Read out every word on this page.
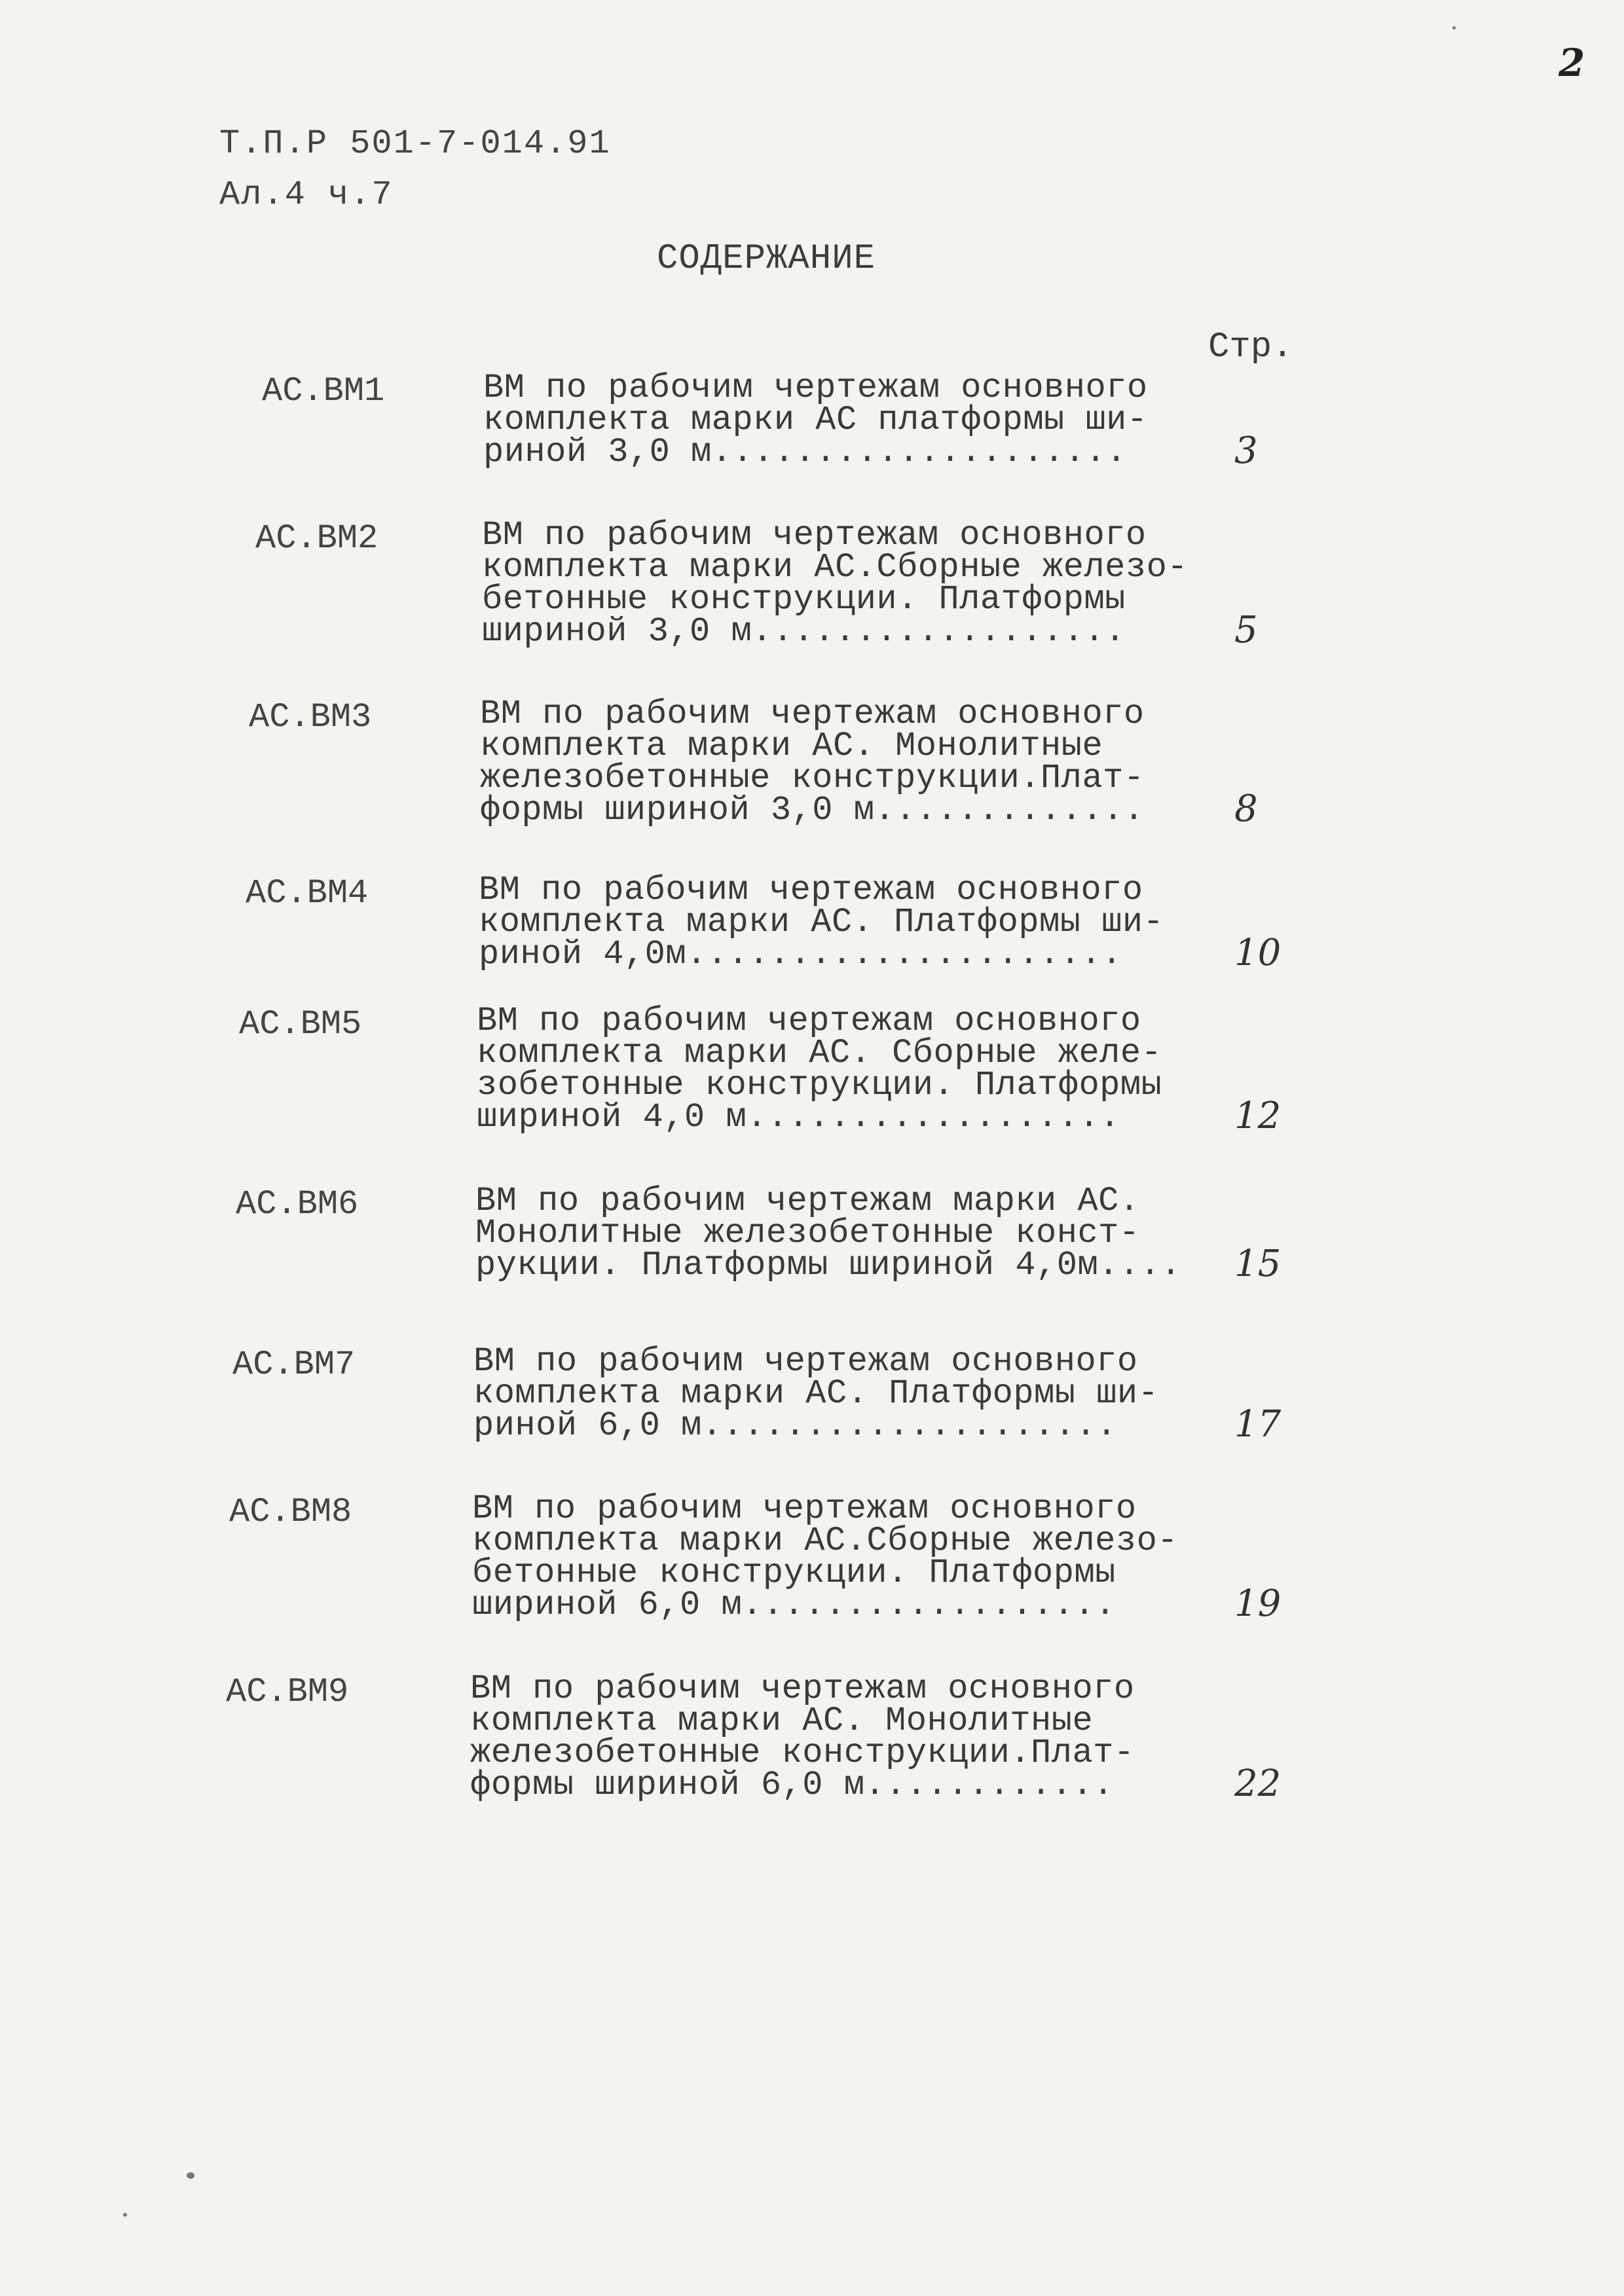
2
Т.П.Р 501-7-014.91
Ал.4 ч.7
СОДЕРЖАНИЕ
Стр.
АС.ВМ1	ВМ по рабочим чертежам основного
комплекта марки АС платформы ши-
риной 3,0 м....................	3
АС.ВМ2	ВМ по рабочим чертежам основного
комплекта марки АС.Сборные железо-
бетонные конструкции. Платформы
шириной 3,0 м..................	5
АС.ВМ3	ВМ по рабочим чертежам основного
комплекта марки АС. Монолитные
железобетонные конструкции.Плат-
формы шириной 3,0 м.............	8
АС.ВМ4	ВМ по рабочим чертежам основного
комплекта марки АС. Платформы ши-
риной 4,0м.....................	10
АС.ВМ5	ВМ по рабочим чертежам основного
комплекта марки АС. Сборные желе-
зобетонные конструкции. Платформы
шириной 4,0 м..................	12
АС.ВМ6	ВМ по рабочим чертежам марки АС.
Монолитные железобетонные конст-
рукции. Платформы шириной 4,0м.... 15
АС.ВМ7	ВМ по рабочим чертежам основного
комплекта марки АС. Платформы ши-
риной 6,0 м....................	17
АС.ВМ8	ВМ по рабочим чертежам основного
комплекта марки АС.Сборные железо-
бетонные конструкции. Платформы
шириной 6,0 м..................	19
АС.ВМ9	ВМ по рабочим чертежам основного
комплекта марки АС. Монолитные
железобетонные конструкции.Плат-
формы шириной 6,0 м............	22
